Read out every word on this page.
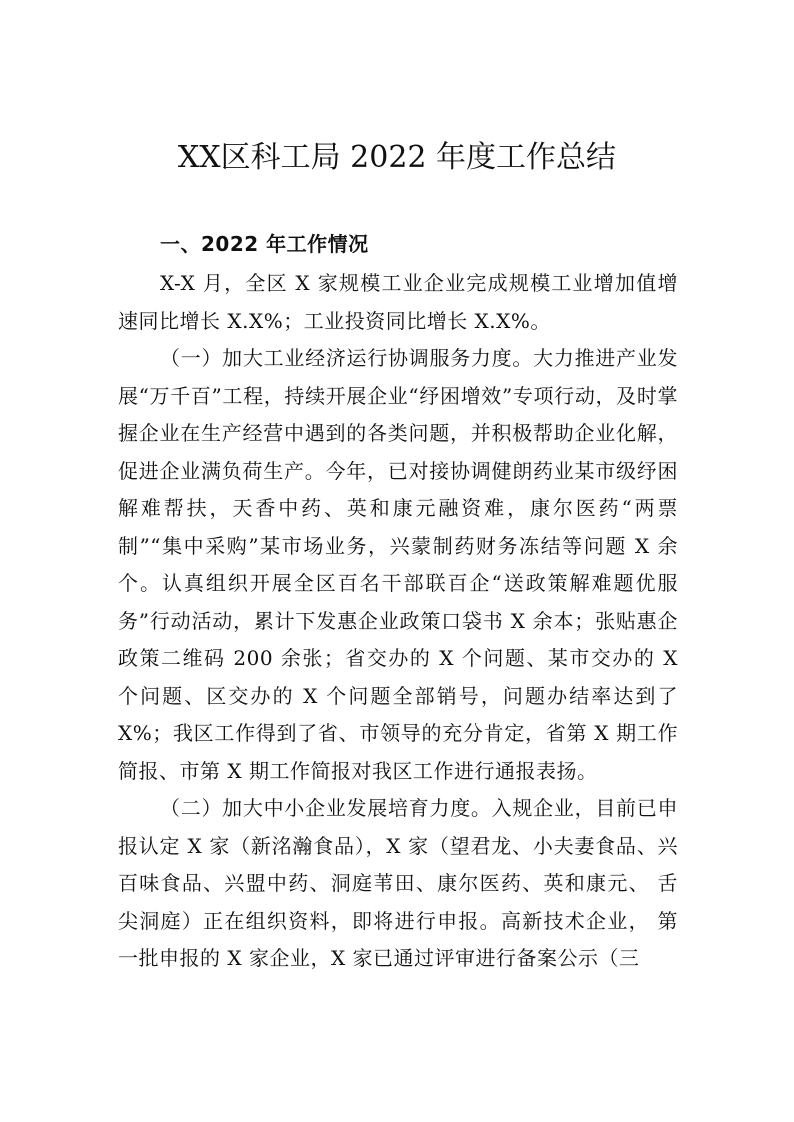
XX区科工局 2022 年度工作总结

一、2022 年工作情况

X-X 月，全区 X 家规模工业企业完成规模工业增加值增速同比增长 X.X%；工业投资同比增长 X.X%。

（一）加大工业经济运行协调服务力度。大力推进产业发展“万千百”工程，持续开展企业“纾困增效”专项行动，及时掌握企业在生产经营中遇到的各类问题，并积极帮助企业化解，促进企业满负荷生产。今年，已对接协调健朗药业某市级纾困解难帮扶，天香中药、英和康元融资难，康尔医药“两票制”“集中采购”某市场业务，兴蒙制药财务冻结等问题 X 余个。认真组织开展全区百名干部联百企“送政策解难题优服务”行动活动，累计下发惠企业政策口袋书 X 余本；张贴惠企政策二维码 200 余张；省交办的 X 个问题、某市交办的 X 个问题、区交办的 X 个问题全部销号，问题办结率达到了 X%；我区工作得到了省、市领导的充分肯定，省第 X 期工作简报、市第 X 期工作简报对我区工作进行通报表扬。

（二）加大中小企业发展培育力度。入规企业，目前已申报认定 X 家（新洺瀚食品），X 家（望君龙、小夫妻食品、兴百味食品、兴盟中药、洞庭苇田、康尔医药、英和康元、 舌尖洞庭）正在组织资料，即将进行申报。高新技术企业， 第一批申报的 X 家企业，X 家已通过评审进行备案公示（三
